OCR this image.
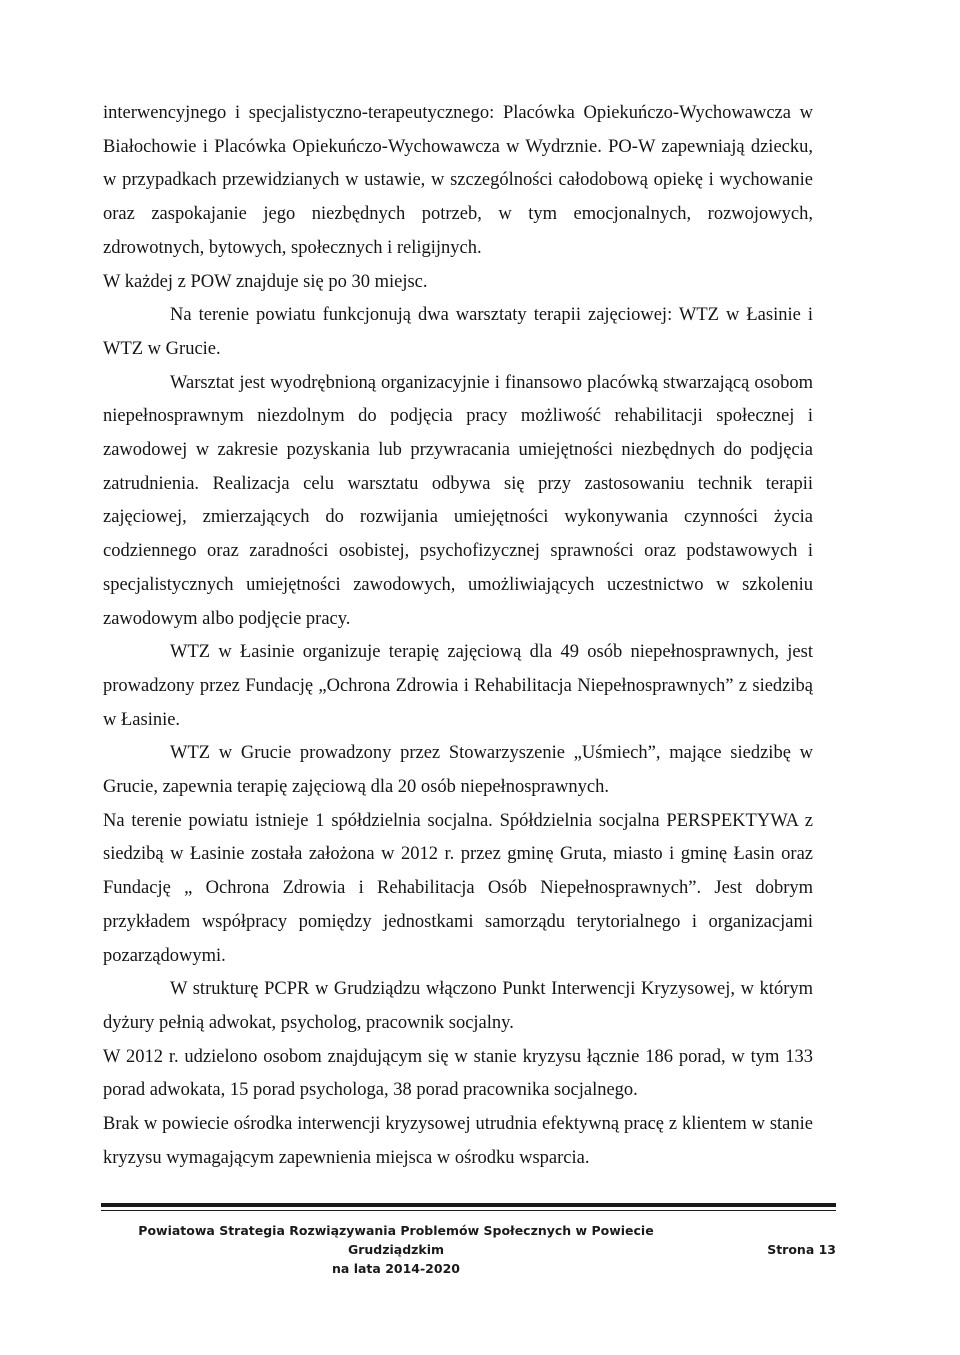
interwencyjnego i specjalistyczno-terapeutycznego: Placówka Opiekuńczo-Wychowawcza w Białochowie i Placówka Opiekuńczo-Wychowawcza w Wydrznie. PO-W zapewniają dziecku, w przypadkach przewidzianych w ustawie, w szczególności całodobową opiekę i wychowanie oraz zaspokajanie jego niezbędnych potrzeb, w tym emocjonalnych, rozwojowych, zdrowotnych, bytowych, społecznych i religijnych.

W każdej z POW znajduje się po 30 miejsc.

Na terenie powiatu funkcjonują dwa warsztaty terapii zajęciowej: WTZ w Łasinie i WTZ w Grucie.

Warsztat jest wyodrębnioną organizacyjnie i finansowo placówką stwarzającą osobom niepełnosprawnym niezdolnym do podjęcia pracy możliwość rehabilitacji społecznej i zawodowej w zakresie pozyskania lub przywracania umiejętności niezbędnych do podjęcia zatrudnienia. Realizacja celu warsztatu odbywa się przy zastosowaniu technik terapii zajęciowej, zmierzających do rozwijania umiejętności wykonywania czynności życia codziennego oraz zaradności osobistej, psychofizycznej sprawności oraz podstawowych i specjalistycznych umiejętności zawodowych, umożliwiających uczestnictwo w szkoleniu zawodowym albo podjęcie pracy.

WTZ w Łasinie organizuje terapię zajęciową dla 49 osób niepełnosprawnych, jest prowadzony przez Fundację „Ochrona Zdrowia i Rehabilitacja Niepełnosprawnych” z siedzibą w Łasinie.

WTZ w Grucie prowadzony przez Stowarzyszenie „Uśmiech”, mające siedzibę w Grucie, zapewnia terapię zajęciową dla 20 osób niepełnosprawnych.

Na terenie powiatu istnieje 1 spółdzielnia socjalna. Spółdzielnia socjalna PERSPEKTYWA z siedzibą w Łasinie została założona w 2012 r. przez gminę Gruta, miasto i gminę Łasin oraz Fundację „ Ochrona Zdrowia i Rehabilitacja Osób Niepełnosprawnych”. Jest dobrym przykładem współpracy pomiędzy jednostkami samorządu terytorialnego i organizacjami pozarządowymi.

W strukturę PCPR w Grudziądzu włączono Punkt Interwencji Kryzysowej, w którym dyżury pełnią adwokat, psycholog, pracownik socjalny.

W 2012 r. udzielono osobom znajdującym się w stanie kryzysu łącznie 186 porad, w tym 133 porad adwokata, 15 porad psychologa, 38 porad pracownika socjalnego.

Brak w powiecie ośrodka interwencji kryzysowej utrudnia efektywną pracę z klientem w stanie kryzysu wymagającym zapewnienia miejsca w ośrodku wsparcia.

Powiatowa Strategia Rozwiązywania Problemów Społecznych w Powiecie Grudziądzkim
na lata 2014-2020
Strona 13
